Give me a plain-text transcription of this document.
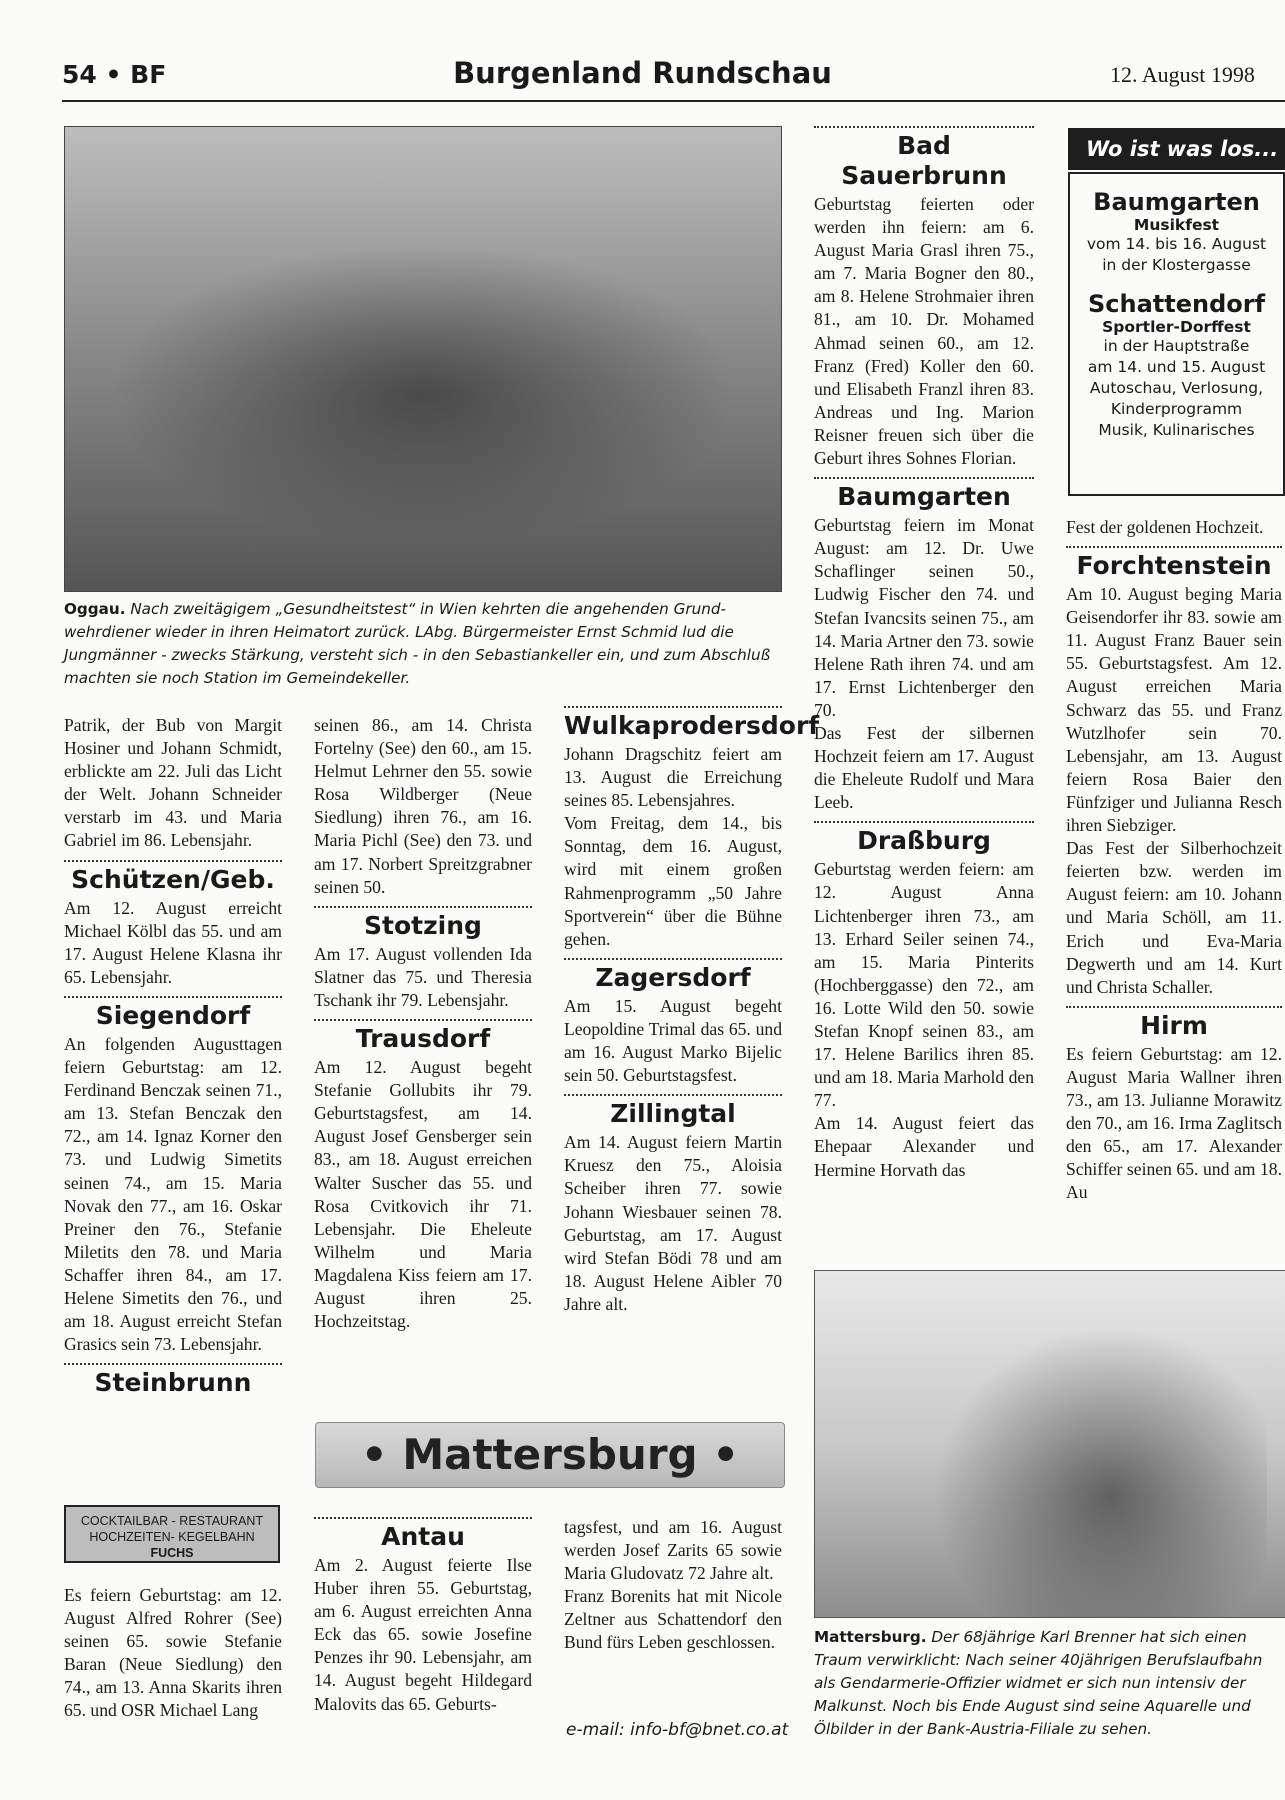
54 • BF	Burgenland Rundschau	12. August 1998
Oggau. Nach zweitägigem „Gesundheitstest“ in Wien kehrten die angehenden Grundwehrdiener wieder in ihren Heimatort zurück. LAbg. Bürgermeister Ernst Schmid lud die Jungmänner - zwecks Stärkung, versteht sich - in den Sebastiankeller ein, und zum Abschluß machten sie noch Station im Gemeindekeller.

Patrik, der Bub von Margit Hosiner und Johann Schmidt, erblickte am 22. Juli das Licht der Welt. Johann Schneider verstarb im 43. und Maria Gabriel im 86. Lebensjahr.

Schützen/Geb.

Am 12. August erreicht Michael Kölbl das 55. und am 17. August Helene Klasna ihr 65. Lebensjahr.

Siegendorf

An folgenden Augusttagen feiern Geburtstag: am 12. Ferdinand Benczak seinen 71., am 13. Stefan Benczak den 72., am 14. Ignaz Korner den 73. und Ludwig Simetits seinen 74., am 15. Maria Novak den 77., am 16. Oskar Preiner den 76., Stefanie Miletits den 78. und Maria Schaffer ihren 84., am 17. Helene Simetits den 76., und am 18. August erreicht Stefan Grasics sein 73. Lebensjahr.

Steinbrunn
COCKTAILBAR - RESTAURANT
HOCHZEITEN- KEGELBAHN
FUCHS

Es feiern Geburtstag: am 12. August Alfred Rohrer (See) seinen 65. sowie Stefanie Baran (Neue Siedlung) den 74., am 13. Anna Skarits ihren 65. und OSR Michael Lang

seinen 86., am 14. Christa Fortelny (See) den 60., am 15. Helmut Lehrner den 55. sowie Rosa Wildberger (Neue Siedlung) ihren 76., am 16. Maria Pichl (See) den 73. und am 17. Norbert Spreitzgrabner seinen 50.

Stotzing

Am 17. August vollenden Ida Slatner das 75. und Theresia Tschank ihr 79. Lebensjahr.

Trausdorf

Am 12. August begeht Stefanie Gollubits ihr 79. Geburtstagsfest, am 14. August Josef Gensberger sein 83., am 18. August erreichen Walter Suscher das 55. und Rosa Cvitkovich ihr 71. Lebensjahr. Die Eheleute Wilhelm und Maria Magdalena Kiss feiern am 17. August ihren 25. Hochzeitstag.

Wulkaprodersdorf

Johann Dragschitz feiert am 13. August die Erreichung seines 85. Lebensjahres.

Vom Freitag, dem 14., bis Sonntag, dem 16. August, wird mit einem großen Rahmenprogramm „50 Jahre Sportverein“ über die Bühne gehen.

Zagersdorf

Am 15. August begeht Leopoldine Trimal das 65. und am 16. August Marko Bijelic sein 50. Geburtstagsfest.

Zillingtal

Am 14. August feiern Martin Kruesz den 75., Aloisia Scheiber ihren 77. sowie Johann Wiesbauer seinen 78. Geburtstag, am 17. August wird Stefan Bödi 78 und am 18. August Helene Aibler 70 Jahre alt.

• Mattersburg •
Antau

Am 2. August feierte Ilse Huber ihren 55. Geburtstag, am 6. August erreichten Anna Eck das 65. sowie Josefine Penzes ihr 90. Lebensjahr, am 14. August begeht Hildegard Malovits das 65. Geburts-

tagsfest, und am 16. August werden Josef Zarits 65 sowie Maria Gludovatz 72 Jahre alt.

Franz Borenits hat mit Nicole Zeltner aus Schattendorf den Bund fürs Leben geschlossen.

e-mail: info-bf@bnet.co.at
Bad Sauerbrunn

Geburtstag feierten oder werden ihn feiern: am 6. August Maria Grasl ihren 75., am 7. Maria Bogner den 80., am 8. Helene Strohmaier ihren 81., am 10. Dr. Mohamed Ahmad seinen 60., am 12. Franz (Fred) Koller den 60. und Elisabeth Franzl ihren 83. Andreas und Ing. Marion Reisner freuen sich über die Geburt ihres Sohnes Florian.

Baumgarten

Geburtstag feiern im Monat August: am 12. Dr. Uwe Schaflinger seinen 50., Ludwig Fischer den 74. und Stefan Ivancsits seinen 75., am 14. Maria Artner den 73. sowie Helene Rath ihren 74. und am 17. Ernst Lichtenberger den 70.

Das Fest der silbernen Hochzeit feiern am 17. August die Eheleute Rudolf und Mara Leeb.

Draßburg

Geburtstag werden feiern: am 12. August Anna Lichtenberger ihren 73., am 13. Erhard Seiler seinen 74., am 15. Maria Pinterits (Hochberggasse) den 72., am 16. Lotte Wild den 50. sowie Stefan Knopf seinen 83., am 17. Helene Barilics ihren 85. und am 18. Maria Marhold den 77.

Am 14. August feiert das Ehepaar Alexander und Hermine Horvath das

Wo ist was los...
Baumgarten
Musikfest
vom 14. bis 16. August
in der Klostergasse
Schattendorf
Sportler-Dorffest
in der Hauptstraße
am 14. und 15. August
Autoschau, Verlosung,
Kinderprogramm
Musik, Kulinarisches

Fest der goldenen Hochzeit.

Forchtenstein

Am 10. August beging Maria Geisendorfer ihr 83. sowie am 11. August Franz Bauer sein 55. Geburtstagsfest. Am 12. August erreichen Maria Schwarz das 55. und Franz Wutzlhofer sein 70. Lebensjahr, am 13. August feiern Rosa Baier den Fünfziger und Julianna Resch ihren Siebziger.

Das Fest der Silberhochzeit feierten bzw. werden im August feiern: am 10. Johann und Maria Schöll, am 11. Erich und Eva-Maria Degwerth und am 14. Kurt und Christa Schaller.

Hirm

Es feiern Geburtstag: am 12. August Maria Wallner ihren 73., am 13. Julianne Morawitz den 70., am 16. Irma Zaglitsch den 65., am 17. Alexander Schiffer seinen 65. und am 18. Au

Mattersburg. Der 68jährige Karl Brenner hat sich einen Traum verwirklicht: Nach seiner 40jährigen Berufslaufbahn als Gendarmerie-Offizier widmet er sich nun intensiv der Malkunst. Noch bis Ende August sind seine Aquarelle und Ölbilder in der Bank-Austria-Filiale zu sehen.
